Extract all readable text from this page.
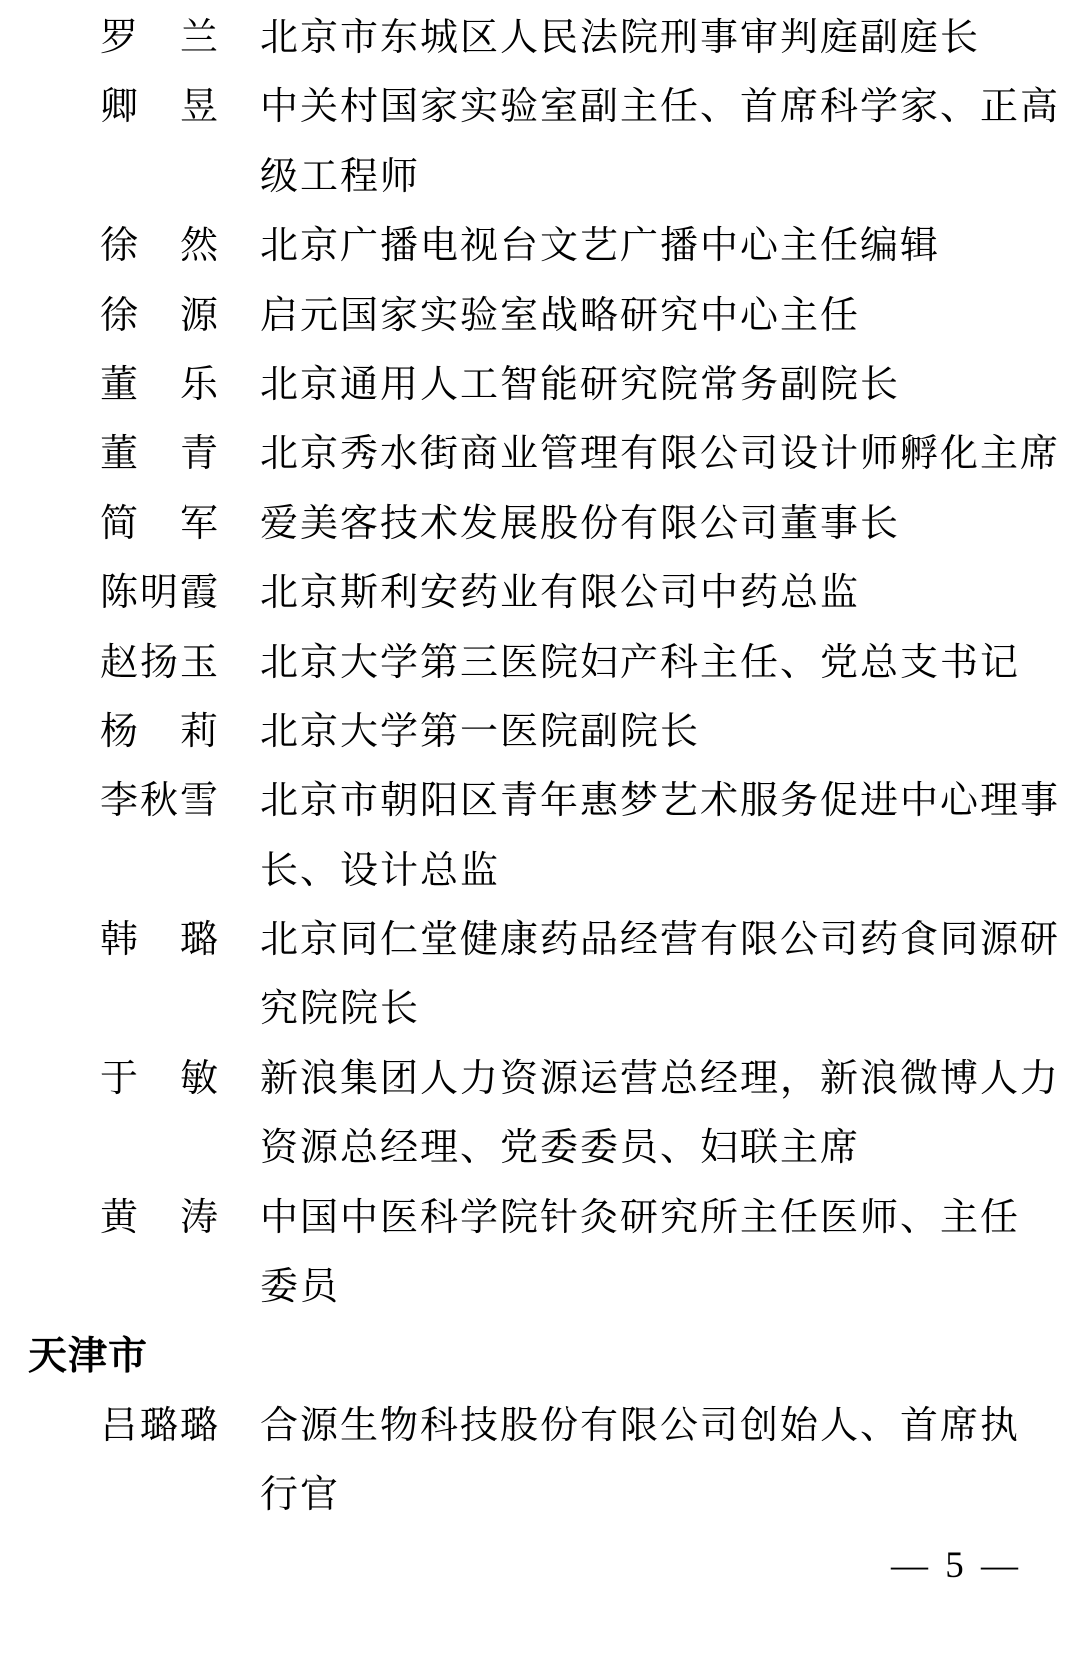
罗兰 北京市东城区人民法院刑事审判庭副庭长
卿昱 中关村国家实验室副主任、首席科学家、正高
级工程师
徐然 北京广播电视台文艺广播中心主任编辑
徐源 启元国家实验室战略研究中心主任
董乐 北京通用人工智能研究院常务副院长
董青 北京秀水街商业管理有限公司设计师孵化主席
简军 爱美客技术发展股份有限公司董事长
陈明霞 北京斯利安药业有限公司中药总监
赵扬玉 北京大学第三医院妇产科主任、党总支书记
杨莉 北京大学第一医院副院长
李秋雪 北京市朝阳区青年惠梦艺术服务促进中心理事
长、设计总监
韩璐 北京同仁堂健康药品经营有限公司药食同源研
究院院长
于敏 新浪集团人力资源运营总经理，新浪微博人力
资源总经理、党委委员、妇联主席
黄涛 中国中医科学院针灸研究所主任医师、主任
委员
天津市
吕璐璐 合源生物科技股份有限公司创始人、首席执
行官
— 5 —
